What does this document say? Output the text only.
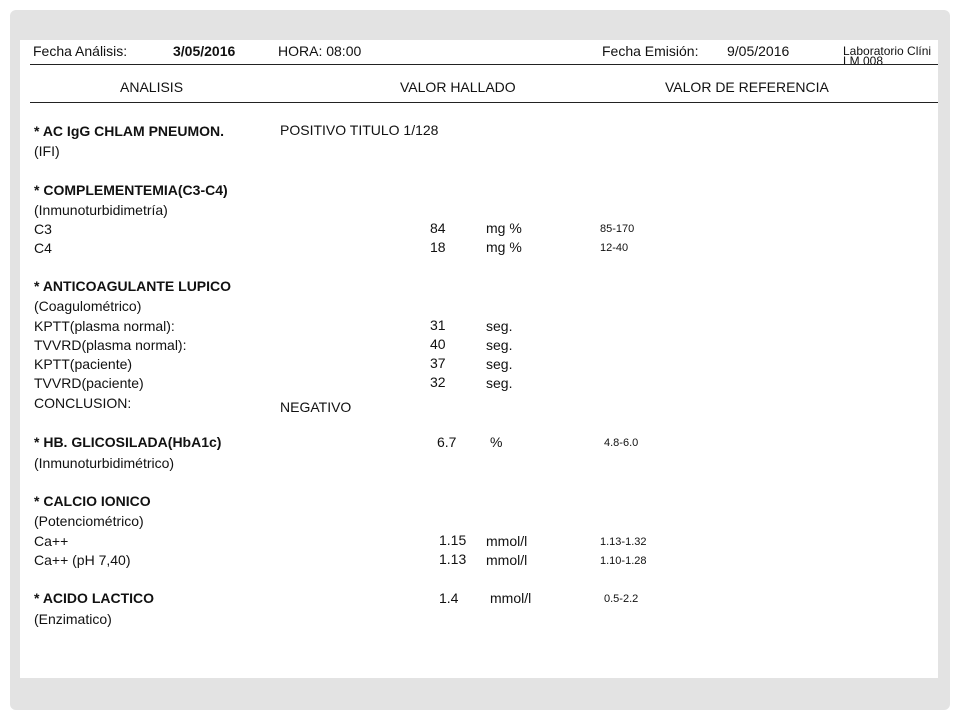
Fecha Análisis:	3/05/2016	HORA: 08:00	Fecha Emisión: 9/05/2016	Laboratorio Clíni
LM 008
ANALISIS	VALOR HALLADO	VALOR DE REFERENCIA
* AC IgG CHLAM PNEUMON.
(IFI)
POSITIVO TITULO 1/128
* COMPLEMENTEMIA(C3-C4)
(Inmunoturbidimetría)
C3	84	mg %	85-170
C4	18	mg %	12-40
* ANTICOAGULANTE LUPICO
(Coagulométrico)
KPTT(plasma normal):	31	seg.
TVVRD(plasma normal):	40	seg.
KPTT(paciente)	37	seg.
TVVRD(paciente)	32	seg.
CONCLUSION:	NEGATIVO
* HB. GLICOSILADA(HbA1c)
(Inmunoturbidimétrico)
6.7 %	4.8-6.0
* CALCIO IONICO
(Potenciométrico)
Ca++	1.15 mmol/l	1.13-1.32
Ca++ (pH 7,40)	1.13 mmol/l	1.10-1.28
* ACIDO LACTICO
(Enzimatico)
1.4 mmol/l	0.5-2.2
